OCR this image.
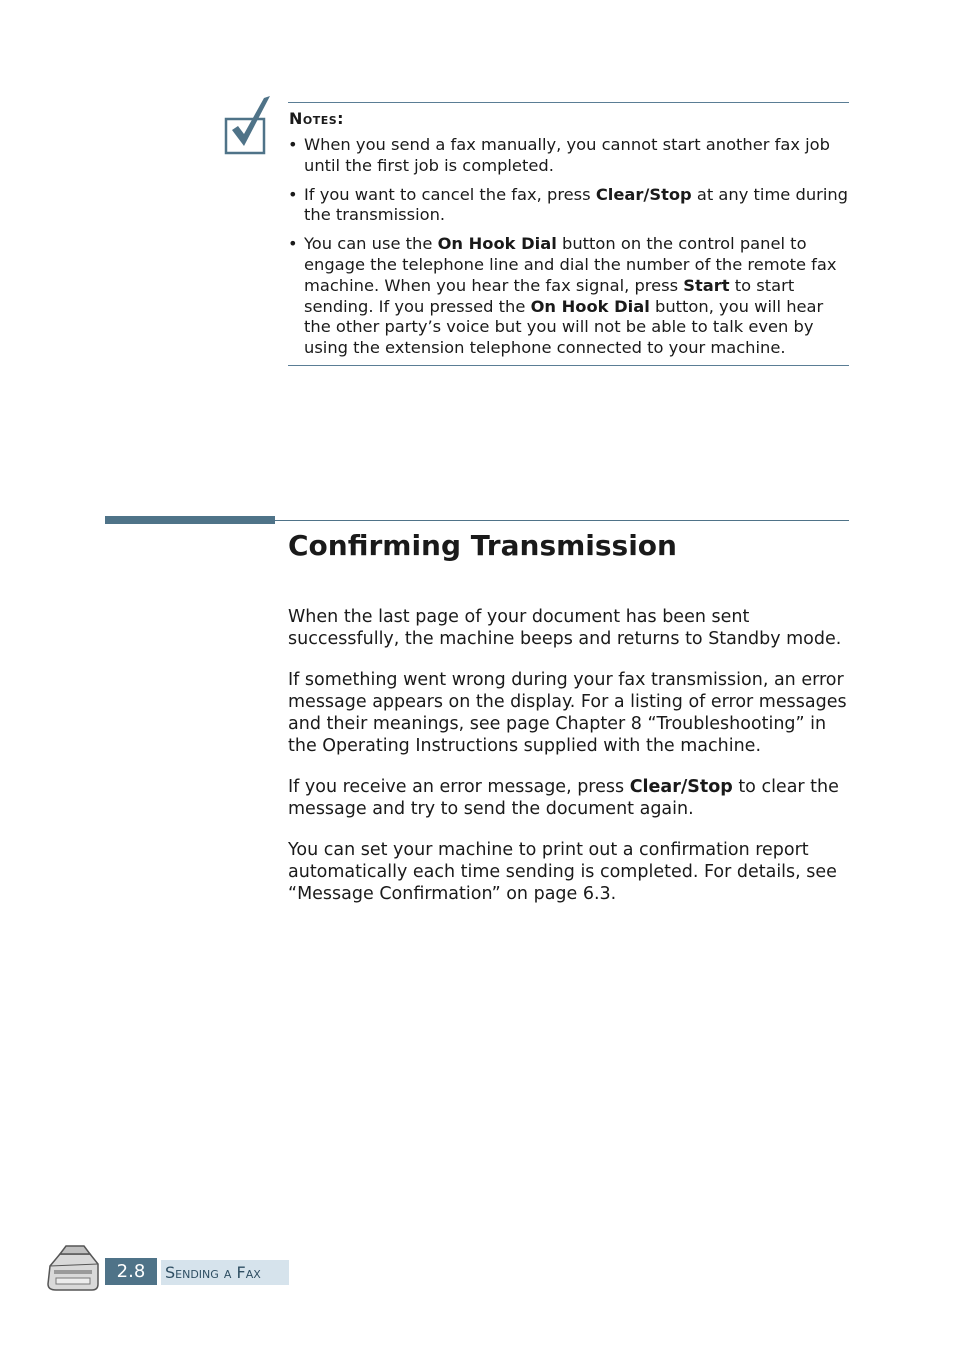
Notes:
• When you send a fax manually, you cannot start another fax job until the first job is completed.
• If you want to cancel the fax, press Clear/Stop at any time during the transmission.
• You can use the On Hook Dial button on the control panel to engage the telephone line and dial the number of the remote fax machine. When you hear the fax signal, press Start to start sending. If you pressed the On Hook Dial button, you will hear the other party’s voice but you will not be able to talk even by using the extension telephone connected to your machine.
Confirming Transmission

When the last page of your document has been sent successfully, the machine beeps and returns to Standby mode.

If something went wrong during your fax transmission, an error message appears on the display. For a listing of error messages and their meanings, see page Chapter 8 “Troubleshooting” in the Operating Instructions supplied with the machine.

If you receive an error message, press Clear/Stop to clear the message and try to send the document again.

You can set your machine to print out a confirmation report automatically each time sending is completed. For details, see “Message Confirmation” on page 6.3.

2.8	Sending a Fax
